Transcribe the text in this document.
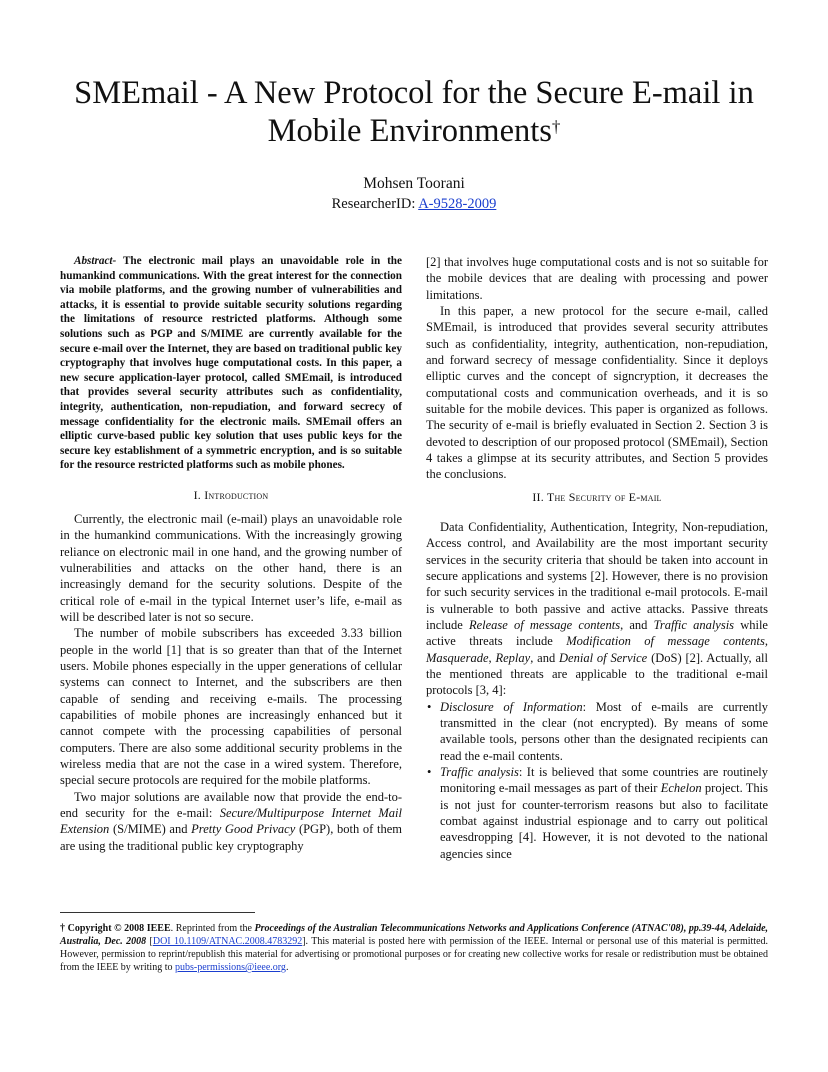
SMEmail - A New Protocol for the Secure E-mail in
Mobile Environments†
Mohsen Toorani
ResearcherID: A-9528-2009

Abstract- The electronic mail plays an unavoidable role in the humankind communications. With the great interest for the connection via mobile platforms, and the growing number of vulnerabilities and attacks, it is essential to provide suitable security solutions regarding the limitations of resource restricted platforms. Although some solutions such as PGP and S/MIME are currently available for the secure e-mail over the Internet, they are based on traditional public key cryptography that involves huge computational costs. In this paper, a new secure application-layer protocol, called SMEmail, is introduced that provides several security attributes such as confidentiality, integrity, authentication, non-repudiation, and forward secrecy of message confidentiality for the electronic mails. SMEmail offers an elliptic curve-based public key solution that uses public keys for the secure key establishment of a symmetric encryption, and is so suitable for the resource restricted platforms such as mobile phones.

I. Introduction

Currently, the electronic mail (e-mail) plays an unavoidable role in the humankind communications. With the increasingly growing reliance on electronic mail in one hand, and the growing number of vulnerabilities and attacks on the other hand, there is an increasingly demand for the security solutions. Despite of the critical role of e-mail in the typical Internet user’s life, e-mail as will be described later is not so secure.

The number of mobile subscribers has exceeded 3.33 billion people in the world [1] that is so greater than that of the Internet users. Mobile phones especially in the upper generations of cellular systems can connect to Internet, and the subscribers are then capable of sending and receiving e-mails. The processing capabilities of mobile phones are increasingly enhanced but it cannot compete with the processing capabilities of personal computers. There are also some additional security problems in the wireless media that are not the case in a wired system. Therefore, special secure protocols are required for the mobile platforms.

Two major solutions are available now that provide the end-to-end security for the e-mail: Secure/Multipurpose Internet Mail Extension (S/MIME) and Pretty Good Privacy (PGP), both of them are using the traditional public key cryptography

[2] that involves huge computational costs and is not so suitable for the mobile devices that are dealing with processing and power limitations.

In this paper, a new protocol for the secure e-mail, called SMEmail, is introduced that provides several security attributes such as confidentiality, integrity, authentication, non-repudiation, and forward secrecy of message confidentiality. Since it deploys elliptic curves and the concept of signcryption, it decreases the computational costs and communication overheads, and it is so suitable for the mobile devices. This paper is organized as follows. The security of e-mail is briefly evaluated in Section 2. Section 3 is devoted to description of our proposed protocol (SMEmail), Section 4 takes a glimpse at its security attributes, and Section 5 provides the conclusions.

II. The Security of E-mail

Data Confidentiality, Authentication, Integrity, Non-repudiation, Access control, and Availability are the most important security services in the security criteria that should be taken into account in secure applications and systems [2]. However, there is no provision for such security services in the traditional e-mail protocols. E-mail is vulnerable to both passive and active attacks. Passive threats include Release of message contents, and Traffic analysis while active threats include Modification of message contents, Masquerade, Replay, and Denial of Service (DoS) [2]. Actually, all the mentioned threats are applicable to the traditional e-mail protocols [3, 4]:

• Disclosure of Information: Most of e-mails are currently transmitted in the clear (not encrypted). By means of some available tools, persons other than the designated recipients can read the e-mail contents.
• Traffic analysis: It is believed that some countries are routinely monitoring e-mail messages as part of their Echelon project. This is not just for counter-terrorism reasons but also to facilitate combat against industrial espionage and to carry out political eavesdropping [4]. However, it is not devoted to the national agencies since
† Copyright © 2008 IEEE. Reprinted from the Proceedings of the Australian Telecommunications Networks and Applications Conference (ATNAC'08), pp.39-44, Adelaide, Australia, Dec. 2008 [DOI 10.1109/ATNAC.2008.4783292]. This material is posted here with permission of the IEEE. Internal or personal use of this material is permitted. However, permission to reprint/republish this material for advertising or promotional purposes or for creating new collective works for resale or redistribution must be obtained from the IEEE by writing to pubs-permissions@ieee.org.
